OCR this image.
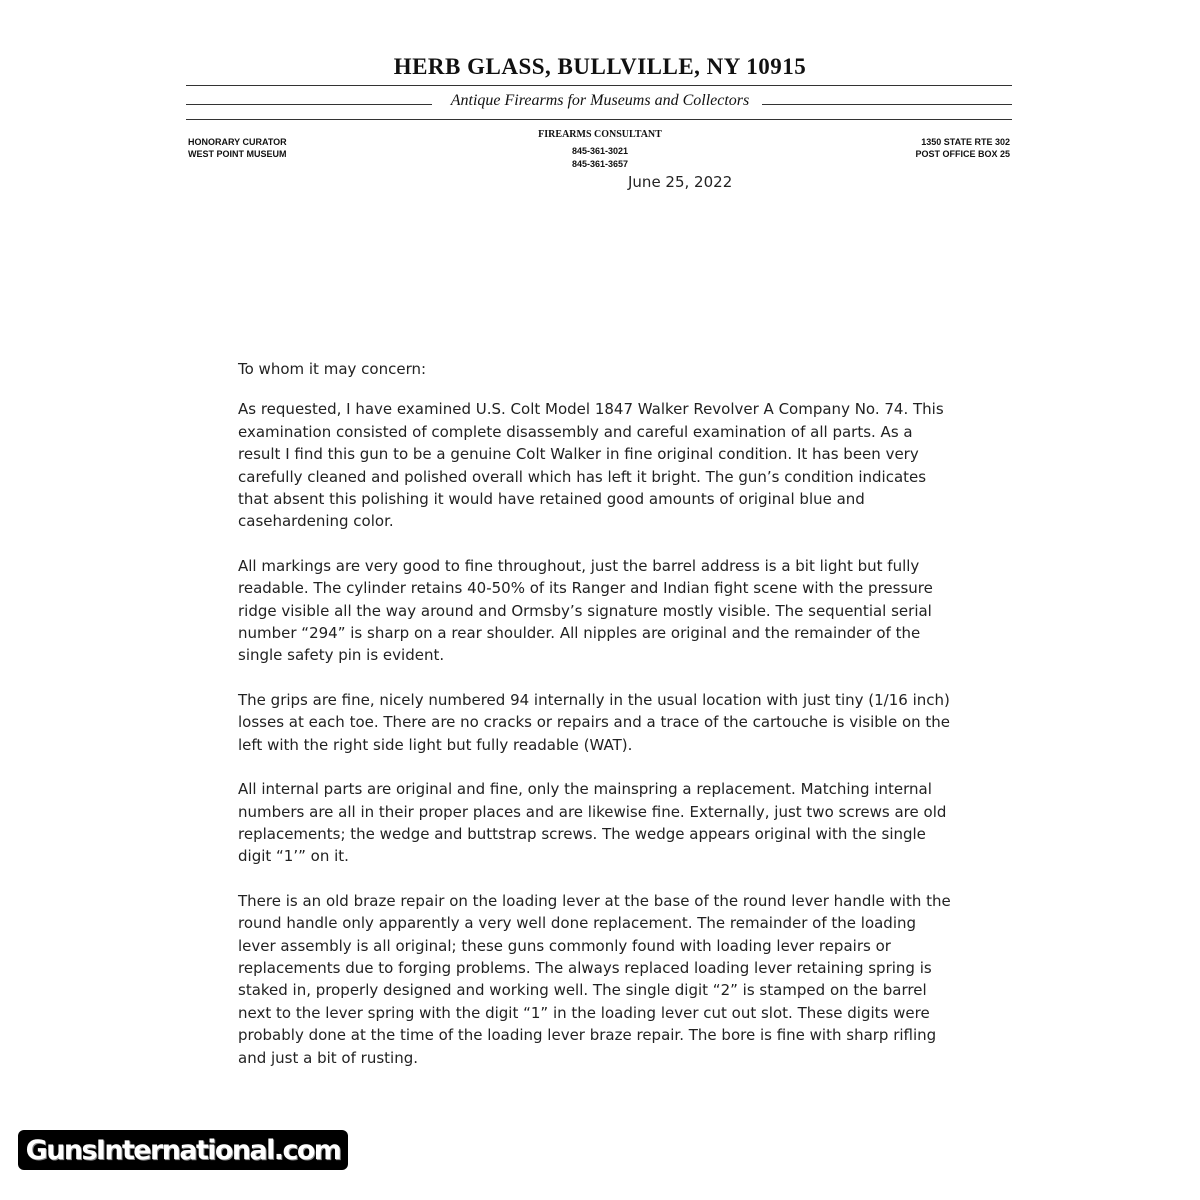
HERB GLASS, BULLVILLE, NY 10915
Antique Firearms for Museums and Collectors
HONORARY CURATOR
WEST POINT MUSEUM
FIREARMS CONSULTANT
845-361-3021
845-361-3657
1350 STATE RTE 302
POST OFFICE BOX 25
June 25, 2022

To whom it may concern:

As requested, I have examined U.S. Colt Model 1847 Walker Revolver A Company No. 74. This examination consisted of complete disassembly and careful examination of all parts. As a result I find this gun to be a genuine Colt Walker in fine original condition. It has been very carefully cleaned and polished overall which has left it bright. The gun’s condition indicates that absent this polishing it would have retained good amounts of original blue and casehardening color.

All markings are very good to fine throughout, just the barrel address is a bit light but fully readable. The cylinder retains 40-50% of its Ranger and Indian fight scene with the pressure ridge visible all the way around and Ormsby’s signature mostly visible. The sequential serial number “294” is sharp on a rear shoulder. All nipples are original and the remainder of the single safety pin is evident.

The grips are fine, nicely numbered 94 internally in the usual location with just tiny (1/16 inch) losses at each toe. There are no cracks or repairs and a trace of the cartouche is visible on the left with the right side light but fully readable (WAT).

All internal parts are original and fine, only the mainspring a replacement. Matching internal numbers are all in their proper places and are likewise fine. Externally, just two screws are old replacements; the wedge and buttstrap screws. The wedge appears original with the single digit “1’” on it.

There is an old braze repair on the loading lever at the base of the round lever handle with the round handle only apparently a very well done replacement. The remainder of the loading lever assembly is all original; these guns commonly found with loading lever repairs or replacements due to forging problems. The always replaced loading lever retaining spring is staked in, properly designed and working well. The single digit “2” is stamped on the barrel next to the lever spring with the digit “1” in the loading lever cut out slot. These digits were probably done at the time of the loading lever braze repair. The bore is fine with sharp rifling and just a bit of rusting.

GunsInternational.com
